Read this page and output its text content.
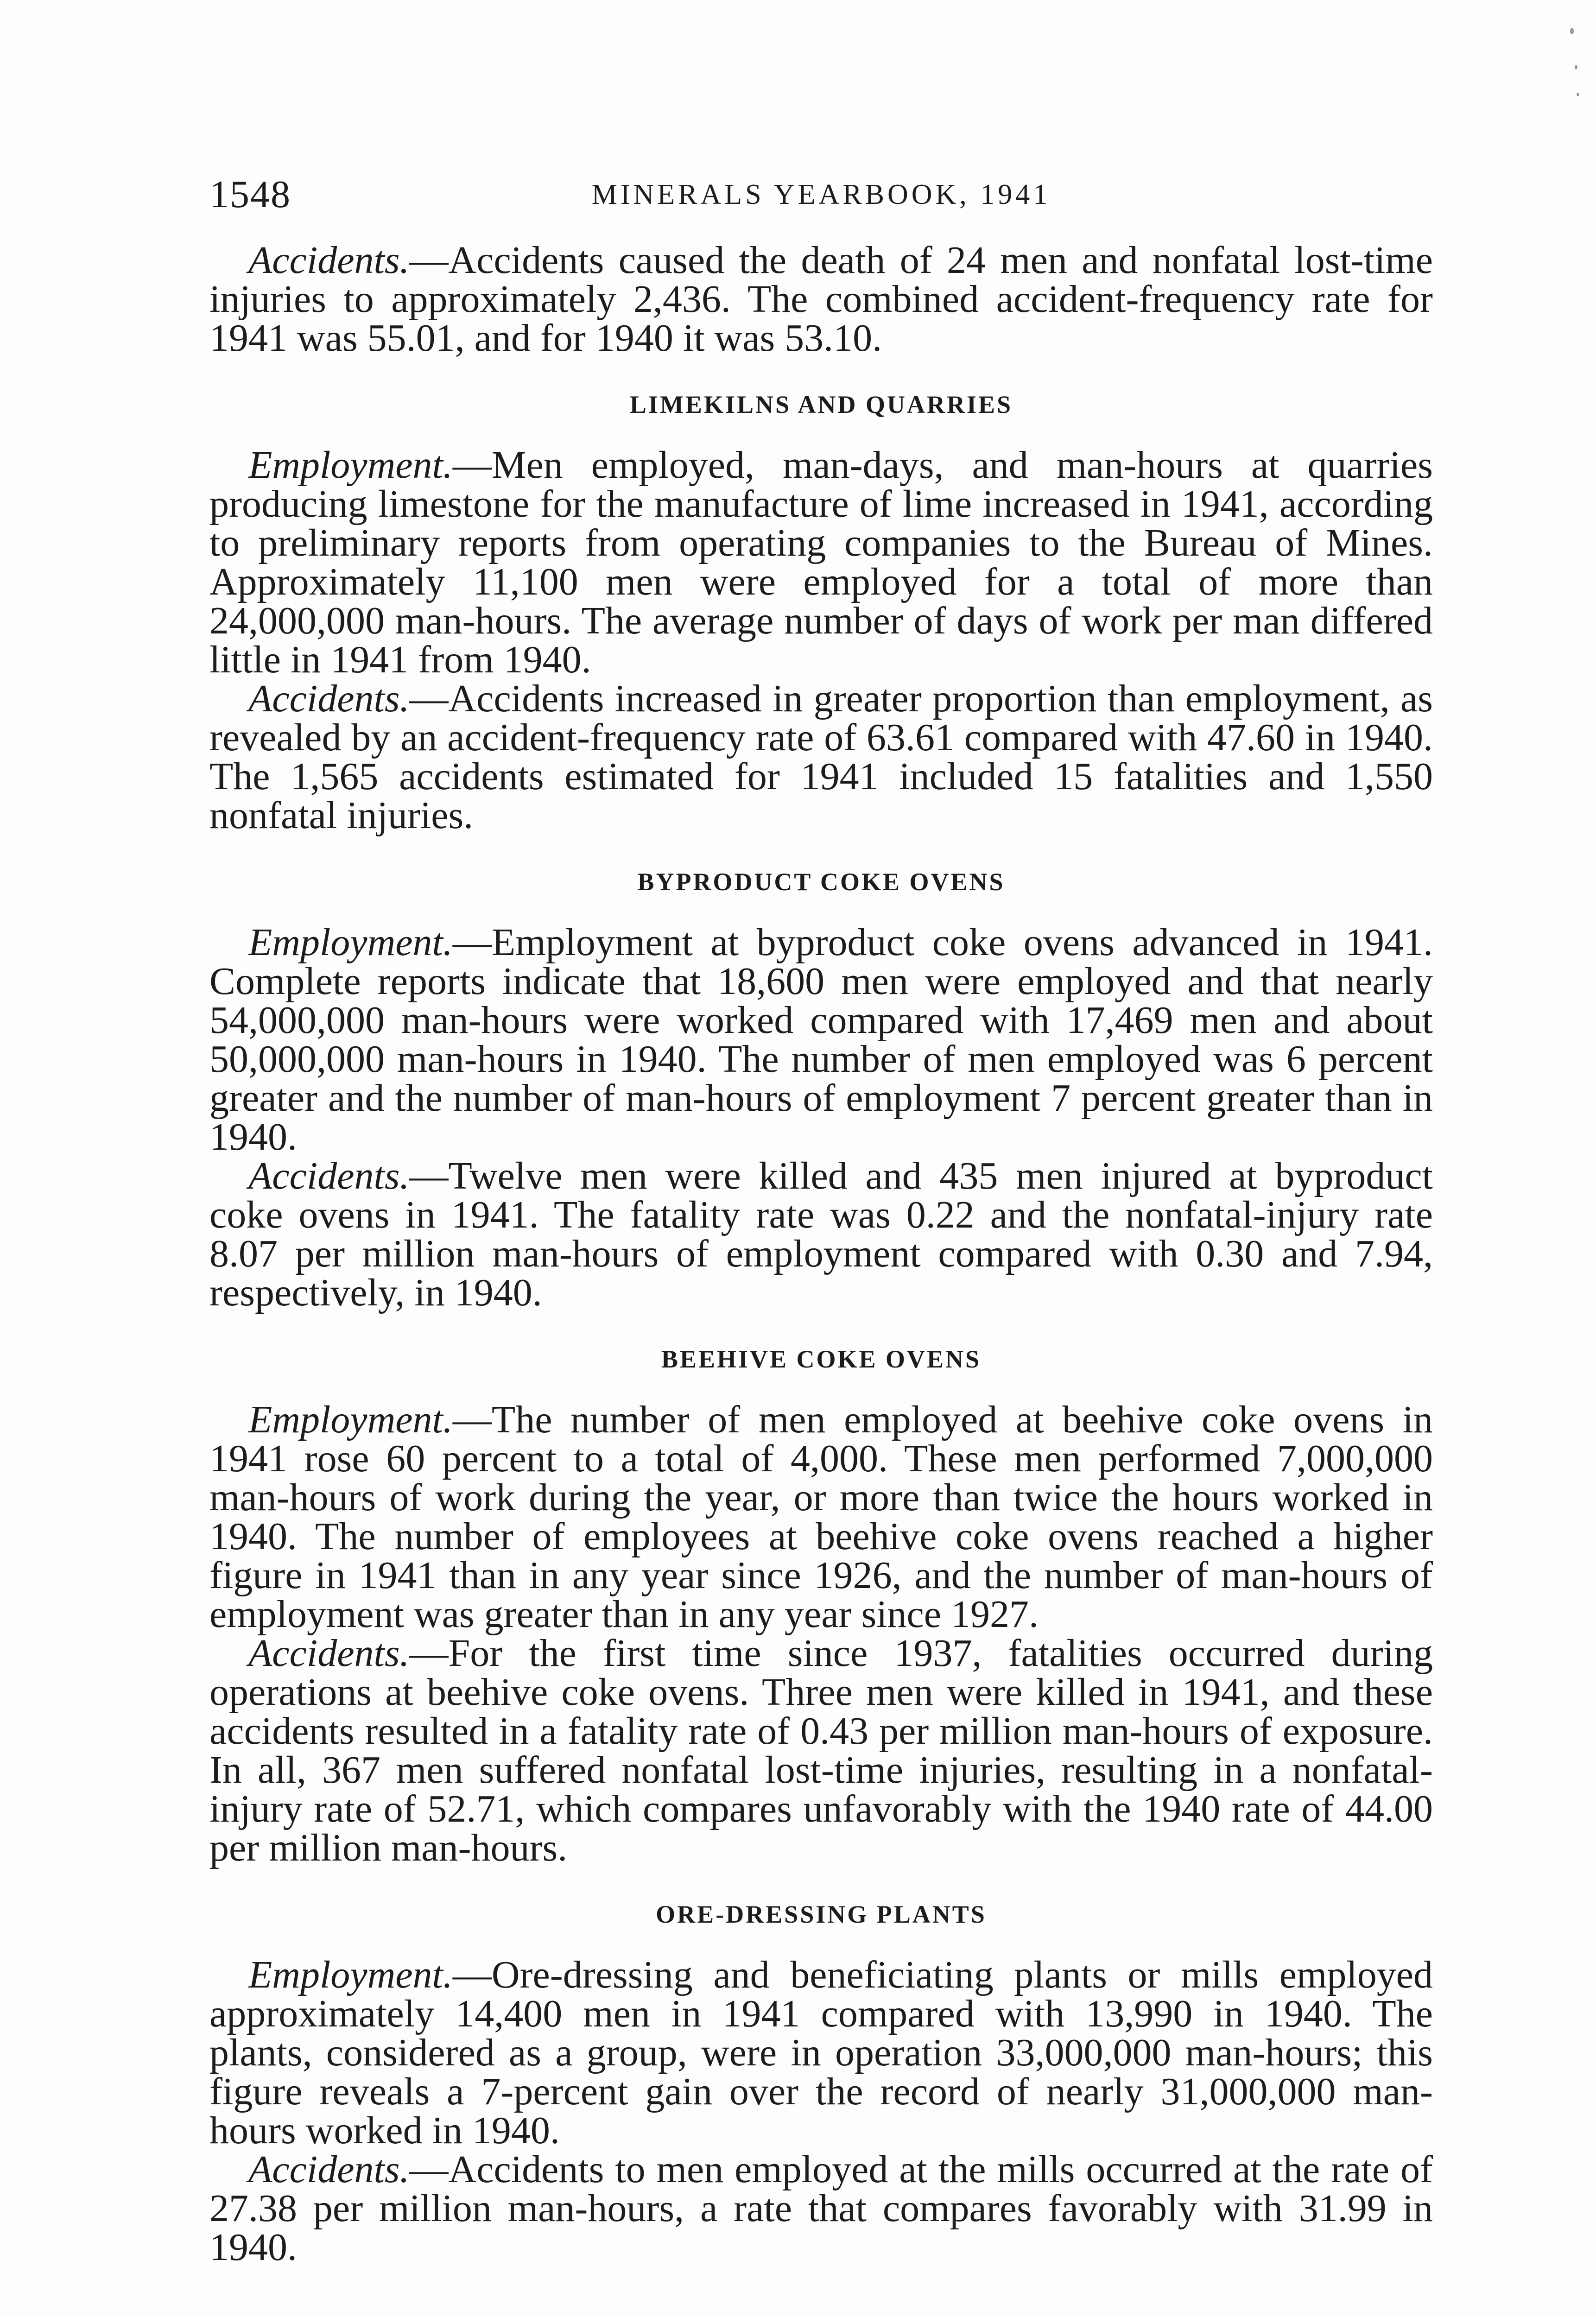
1548	MINERALS YEARBOOK, 1941

Accidents.—Accidents caused the death of 24 men and nonfatal lost-time injuries to approximately 2,436. The combined accident-frequency rate for 1941 was 55.01, and for 1940 it was 53.10.

LIMEKILNS AND QUARRIES

Employment.—Men employed, man-days, and man-hours at quarries producing limestone for the manufacture of lime increased in 1941, according to preliminary reports from operating companies to the Bureau of Mines. Approximately 11,100 men were employed for a total of more than 24,000,000 man-hours. The average number of days of work per man differed little in 1941 from 1940.

Accidents.—Accidents increased in greater proportion than employment, as revealed by an accident-frequency rate of 63.61 compared with 47.60 in 1940. The 1,565 accidents estimated for 1941 included 15 fatalities and 1,550 nonfatal injuries.

BYPRODUCT COKE OVENS

Employment.—Employment at byproduct coke ovens advanced in 1941. Complete reports indicate that 18,600 men were employed and that nearly 54,000,000 man-hours were worked compared with 17,469 men and about 50,000,000 man-hours in 1940. The number of men employed was 6 percent greater and the number of man-hours of employment 7 percent greater than in 1940.

Accidents.—Twelve men were killed and 435 men injured at byproduct coke ovens in 1941. The fatality rate was 0.22 and the nonfatal-injury rate 8.07 per million man-hours of employment compared with 0.30 and 7.94, respectively, in 1940.

BEEHIVE COKE OVENS

Employment.—The number of men employed at beehive coke ovens in 1941 rose 60 percent to a total of 4,000. These men performed 7,000,000 man-hours of work during the year, or more than twice the hours worked in 1940. The number of employees at beehive coke ovens reached a higher figure in 1941 than in any year since 1926, and the number of man-hours of employment was greater than in any year since 1927.

Accidents.—For the first time since 1937, fatalities occurred during operations at beehive coke ovens. Three men were killed in 1941, and these accidents resulted in a fatality rate of 0.43 per million man-hours of exposure. In all, 367 men suffered nonfatal lost-time injuries, resulting in a nonfatal-injury rate of 52.71, which compares unfavorably with the 1940 rate of 44.00 per million man-hours.

ORE-DRESSING PLANTS

Employment.—Ore-dressing and beneficiating plants or mills employed approximately 14,400 men in 1941 compared with 13,990 in 1940. The plants, considered as a group, were in operation 33,000,000 man-hours; this figure reveals a 7-percent gain over the record of nearly 31,000,000 man-hours worked in 1940.

Accidents.—Accidents to men employed at the mills occurred at the rate of 27.38 per million man-hours, a rate that compares favorably with 31.99 in 1940.
